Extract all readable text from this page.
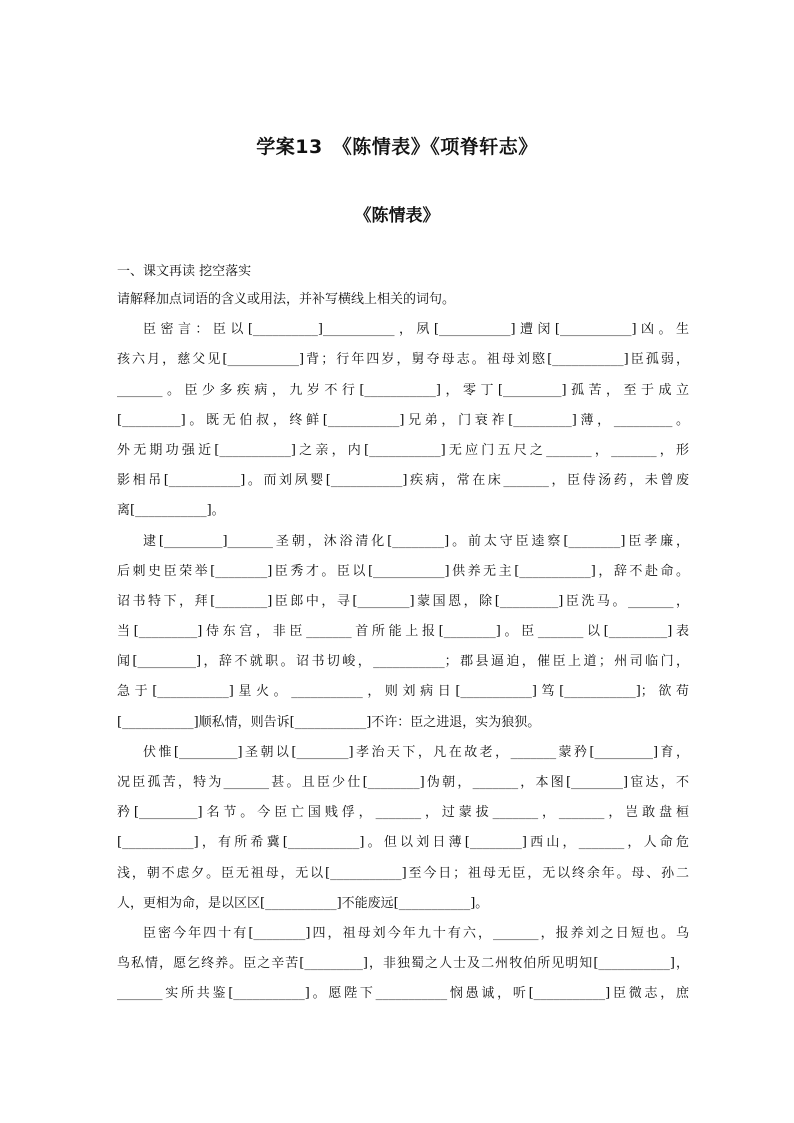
学案13　《陈情表》《项脊轩志》
《陈情表》
一、课文再读 挖空落实
请解释加点词语的含义或用法，并补写横线上相关的词句。
臣密言：臣以[__________]___________，夙[___________]遭闵[___________]凶。生
孩六月，慈父见[___________]背；行年四岁，舅夺母志。祖母刘愍[___________]臣孤弱，
_______。臣少多疾病，九岁不行[___________]，零丁[_________]孤苦，至于成立
[_________]。既无伯叔，终鲜[___________]兄弟，门衰祚[_________]薄，_________。
外无期功强近[___________]之亲，内[___________]无应门五尺之_______，_______，形
影相吊[___________]。而刘夙婴[___________]疾病，常在床_______，臣侍汤药，未曾废
离[___________]。
逮[_________]_______圣朝，沐浴清化[________]。前太守臣逵察[________]臣孝廉，
后刺史臣荣举[________]臣秀才。臣以[___________]供养无主[___________]，辞不赴命。
诏书特下，拜[________]臣郎中，寻[________]蒙国恩，除[_________]臣洗马。_______，
当[_________]侍东宫，非臣_______首所能上报[________]。臣_______以[_________]表
闻[_________]，辞不就职。诏书切峻，___________；郡县逼迫，催臣上道；州司临门，
急于[___________]星火。___________，则刘病日[___________]笃[___________]；欲苟
[___________]顺私情，则告诉[___________]不许：臣之进退，实为狼狈。
伏惟[_________]圣朝以[________]孝治天下，凡在故老，_______蒙矜[_________]育，
况臣孤苦，特为_______甚。且臣少仕[________]伪朝，_______，本图[________]宦达，不
矜[_________]名节。今臣亡国贱俘，_______，过蒙拔_______，_______，岂敢盘桓
[___________]，有所希冀[___________]。但以刘日薄[________]西山，_______，人命危
浅，朝不虑夕。臣无祖母，无以[___________]至今日；祖母无臣，无以终余年。母、孙二
人，更相为命，是以区区[___________]不能废远[___________]。
臣密今年四十有[________]四，祖母刘今年九十有六，_______，报养刘之日短也。乌
鸟私情，愿乞终养。臣之辛苦[_________]，非独蜀之人士及二州牧伯所见明知[___________]，
_______实所共鉴[___________]。愿陛下___________悯愚诚，听[___________]臣微志，庶
